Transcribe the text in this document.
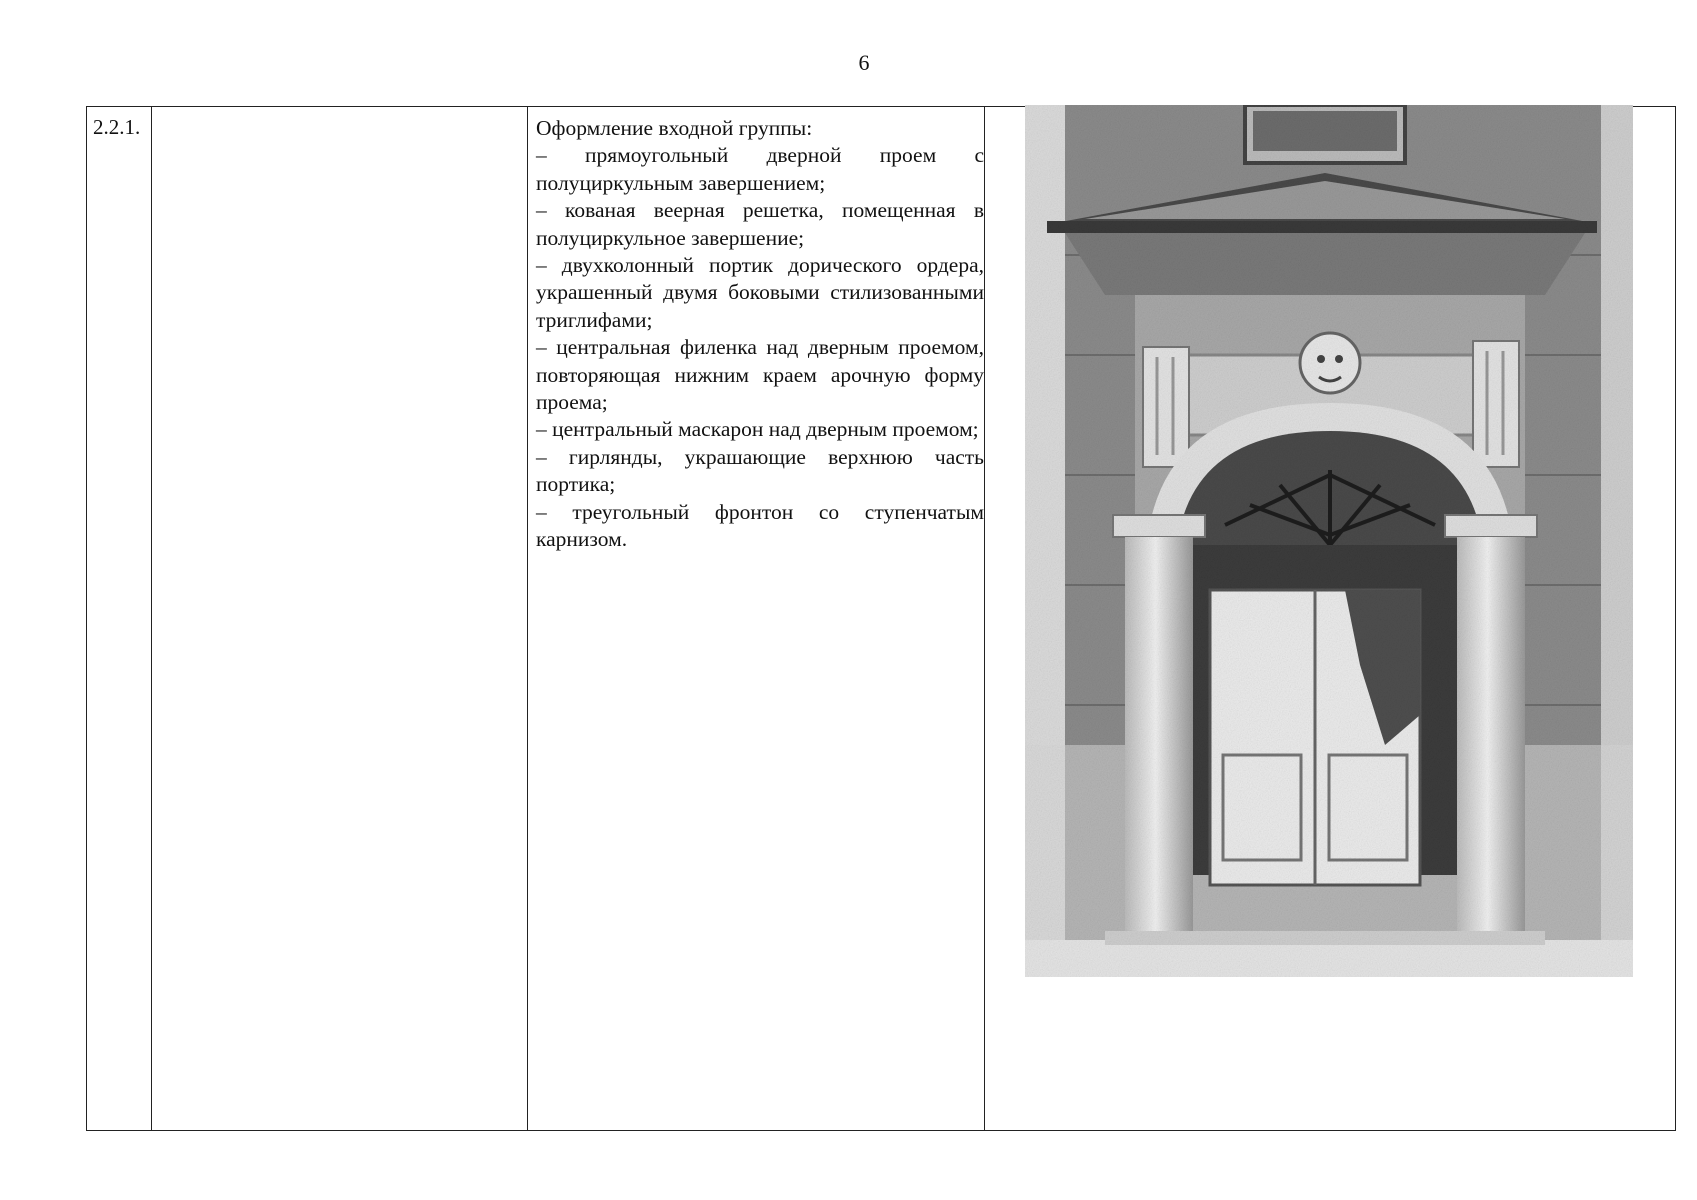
6
2.2.1.	Оформление входной группы:

– прямоугольный дверной проем с полуциркульным завершением;

– кованая веерная решетка, помещенная в полуциркульное завершение;

– двухколонный портик дорического ордера, украшенный двумя боковыми стилизованными триглифами;

– центральная филенка над дверным проемом, повторяющая нижним краем арочную форму проема;

– центральный маскарон над дверным проемом;

– гирлянды, украшающие верхнюю часть портика;

– треугольный фронтон со ступенчатым карнизом.
